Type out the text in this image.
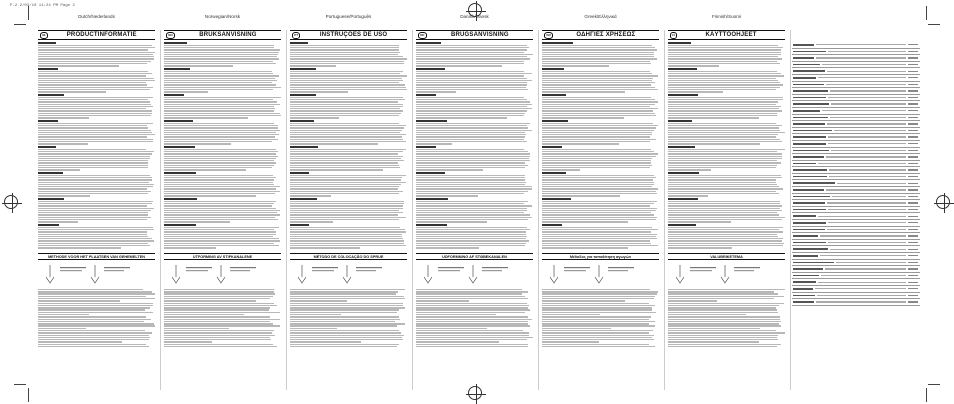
P-2 2/03/10 11:24 PM Page 2
Dutch/Nederlands
NL	PRODUCTINFORMATIE
METHODE VOOR HET PLAATSEN VAN GEHEMELTEN
Norwegian/Norsk
NO	BRUKSANVISNING
UTFORMING AV STIFKANALENE
Portuguese/Português
PT	INSTRUÇÕES DE USO
MÉTODO DE COLOCAÇÃO DO SPRUE
Danish/Dansk
DK	BRUGSANVISNING
UDFORMNING AF STØBEKANALEN
Greek/Ελληνικά
GR	ΟΔΗΓΙΕΣ ΧΡΗΣΕΩΣ
Μέθοδος για τοποθέτηση αγωγών
Finnish/Suomi
FI	KÄYTTÖOHJEET
VALUBRIKETEMA
